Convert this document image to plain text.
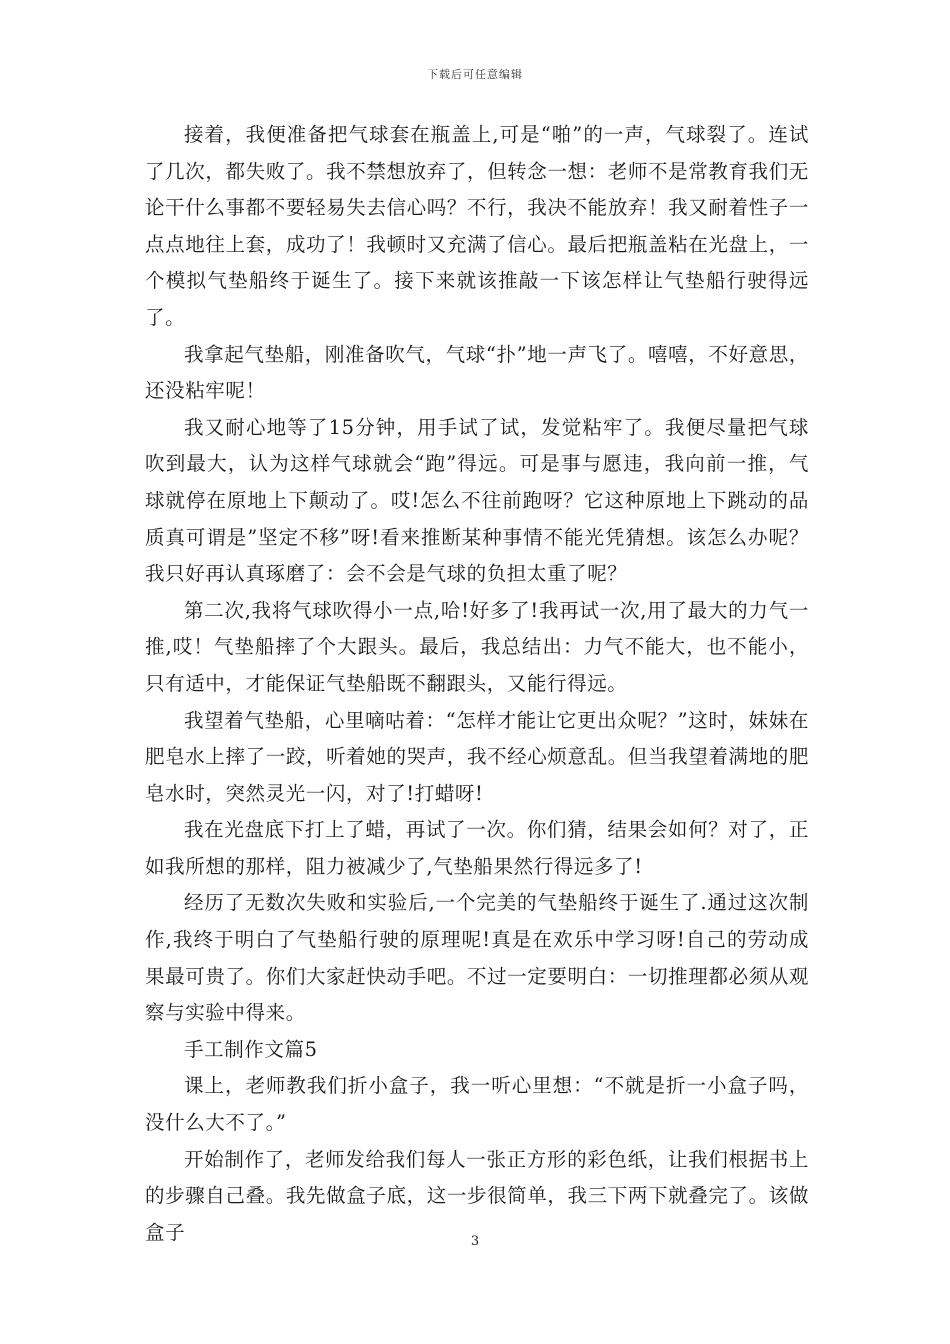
下载后可任意编辑

接着，我便准备把气球套在瓶盖上,可是“啪”的一声，气球裂了。连试了几次，都失败了。我不禁想放弃了，但转念一想：老师不是常教育我们无论干什么事都不要轻易失去信心吗？不行，我决不能放弃！我又耐着性子一点点地往上套，成功了！我顿时又充满了信心。最后把瓶盖粘在光盘上，一个模拟气垫船终于诞生了。接下来就该推敲一下该怎样让气垫船行驶得远了。

我拿起气垫船，刚准备吹气，气球“扑”地一声飞了。嘻嘻，不好意思，还没粘牢呢！

我又耐心地等了15分钟，用手试了试，发觉粘牢了。我便尽量把气球吹到最大，认为这样气球就会“跑”得远。可是事与愿违，我向前一推，气球就停在原地上下颠动了。哎!怎么不往前跑呀？它这种原地上下跳动的品质真可谓是”坚定不移”呀!看来推断某种事情不能光凭猜想。该怎么办呢？我只好再认真琢磨了：会不会是气球的负担太重了呢？

第二次,我将气球吹得小一点,哈!好多了!我再试一次,用了最大的力气一推,哎！气垫船摔了个大跟头。最后，我总结出：力气不能大，也不能小，只有适中，才能保证气垫船既不翻跟头，又能行得远。

我望着气垫船，心里嘀咕着：“怎样才能让它更出众呢？”这时，妹妹在肥皂水上摔了一跤，听着她的哭声，我不经心烦意乱。但当我望着满地的肥皂水时，突然灵光一闪，对了!打蜡呀!

我在光盘底下打上了蜡，再试了一次。你们猜，结果会如何？对了，正如我所想的那样，阻力被减少了,气垫船果然行得远多了!

经历了无数次失败和实验后,一个完美的气垫船终于诞生了.通过这次制作,我终于明白了气垫船行驶的原理呢!真是在欢乐中学习呀!自己的劳动成果最可贵了。你们大家赶快动手吧。不过一定要明白：一切推理都必须从观察与实验中得来。

手工制作文篇5

课上，老师教我们折小盒子，我一听心里想：“不就是折一小盒子吗，没什么大不了。”

开始制作了，老师发给我们每人一张正方形的彩色纸，让我们根据书上的步骤自己叠。我先做盒子底，这一步很简单，我三下两下就叠完了。该做盒子	3
